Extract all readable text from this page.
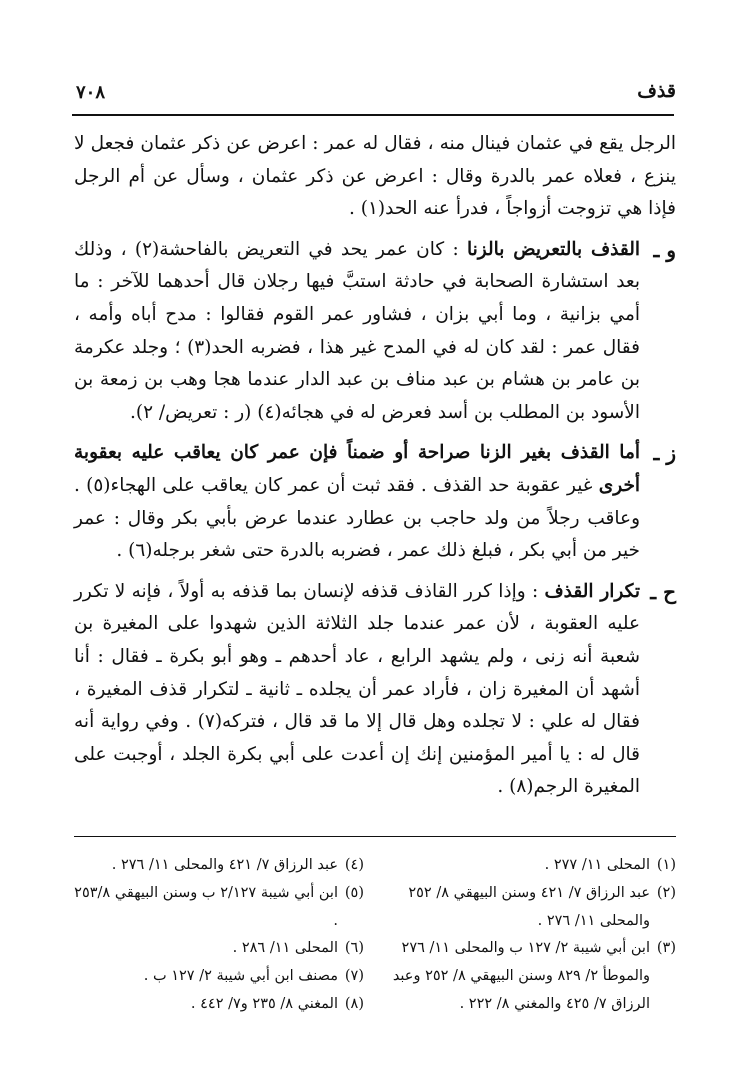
قذف
٧٠٨

الرجل يقع في عثمان فينال منه ، فقال له عمر : اعرض عن ذكر عثمان فجعل لا ينزع ، فعلاه عمر بالدرة وقال : اعرض عن ذكر عثمان ، وسأل عن أم الرجل فإذا هي تزوجت أزواجاً ، فدرأ عنه الحد(١) .

و ـ
القذف بالتعريض بالزنا : كان عمر يحد في التعريض بالفاحشة(٢) ، وذلك بعد استشارة الصحابة في حادثة استبَّ فيها رجلان قال أحدهما للآخر : ما أمي بزانية ، وما أبي بزان ، فشاور عمر القوم فقالوا : مدح أباه وأمه ، فقال عمر : لقد كان له في المدح غير هذا ، فضربه الحد(٣) ؛ وجلد عكرمة بن عامر بن هشام بن عبد مناف بن عبد الدار عندما هجا وهب بن زمعة بن الأسود بن المطلب بن أسد فعرض له في هجائه(٤) (ر : تعريض/ ٢).

ز ـ
أما القذف بغير الزنا صراحة أو ضمناً فإن عمر كان يعاقب عليه بعقوبة أخرى غير عقوبة حد القذف . فقد ثبت أن عمر كان يعاقب على الهجاء(٥) . وعاقب رجلاً من ولد حاجب بن عطارد عندما عرض بأبي بكر وقال : عمر خير من أبي بكر ، فبلغ ذلك عمر ، فضربه بالدرة حتى شغر برجله(٦) .

ح ـ
تكرار القذف : وإذا كرر القاذف قذفه لإنسان بما قذفه به أولاً ، فإنه لا تكرر عليه العقوبة ، لأن عمر عندما جلد الثلاثة الذين شهدوا على المغيرة بن شعبة أنه زنى ، ولم يشهد الرابع ، عاد أحدهم ـ وهو أبو بكرة ـ فقال : أنا أشهد أن المغيرة زان ، فأراد عمر أن يجلده ـ ثانية ـ لتكرار قذف المغيرة ، فقال له علي : لا تجلده وهل قال إلا ما قد قال ، فتركه(٧) . وفي رواية أنه قال له : يا أمير المؤمنين إنك إن أعدت على أبي بكرة الجلد ، أوجبت على المغيرة الرجم(٨) .

(١)
المحلى ١١/ ٢٧٧ .

(٢)
عبد الرزاق ٧/ ٤٢١ وسنن البيهقي ٨/ ٢٥٢ والمحلى ١١/ ٢٧٦ .

(٣)
ابن أبي شيبة ٢/ ١٢٧ ب والمحلى ١١/ ٢٧٦ والموطأ ٢/ ٨٢٩ وسنن البيهقي ٨/ ٢٥٢ وعبد الرزاق ٧/ ٤٢٥ والمغني ٨/ ٢٢٢ .

(٤)
عبد الرزاق ٧/ ٤٢١ والمحلى ١١/ ٢٧٦ .

(٥)
ابن أبي شيبة ٢/١٢٧ ب وسنن البيهقي ٢٥٣/٨ .

(٦)
المحلى ١١/ ٢٨٦ .

(٧)
مصنف ابن أبي شيبة ٢/ ١٢٧ ب .

(٨)
المغني ٨/ ٢٣٥ و٧/ ٤٤٢ .
